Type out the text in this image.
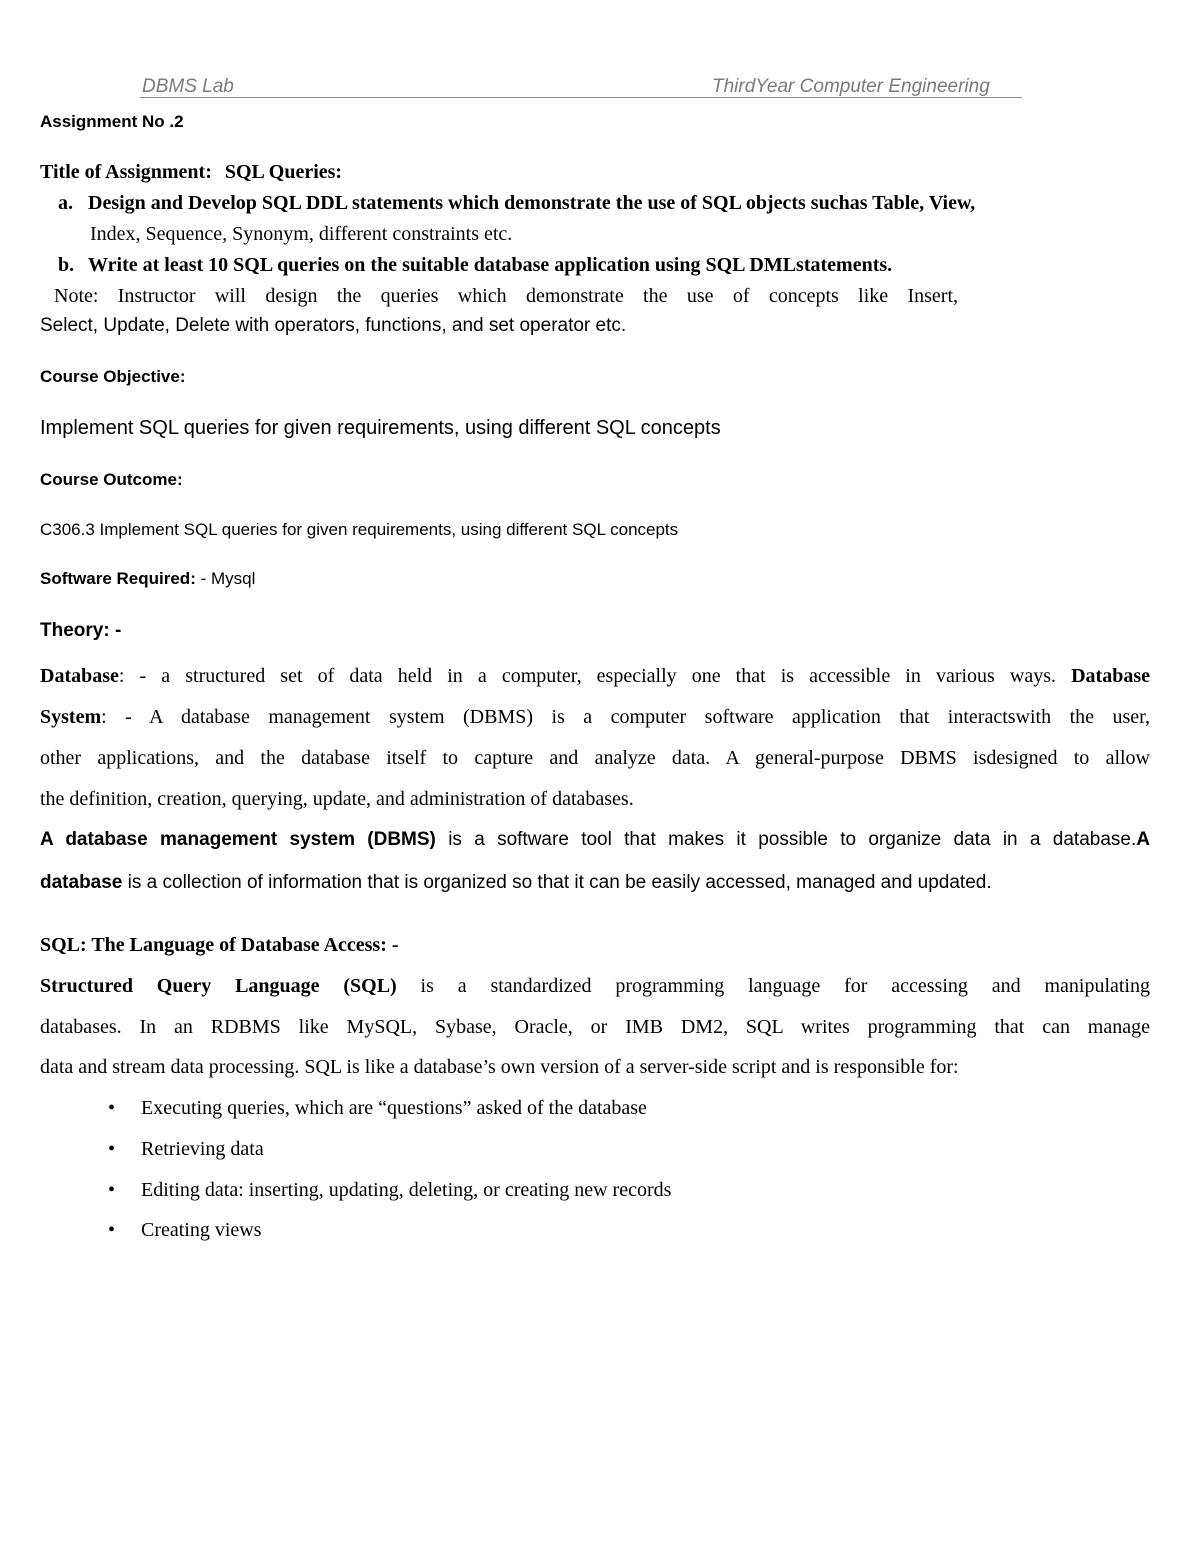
DBMS Lab	ThirdYear Computer Engineering
Assignment No .2
Title of Assignment: SQL Queries:
a. Design and Develop SQL DDL statements which demonstrate the use of SQL objects suchas Table, View,
Index, Sequence, Synonym, different constraints etc.
b. Write at least 10 SQL queries on the suitable database application using SQL DMLstatements.
Note: Instructor will design the queries which demonstrate the use of concepts like Insert,
Select, Update, Delete with operators, functions, and set operator etc.
Course Objective:
Implement SQL queries for given requirements, using different SQL concepts
Course Outcome:
C306.3 Implement SQL queries for given requirements, using different SQL concepts
Software Required: - Mysql
Theory: -
Database: - a structured set of data held in a computer, especially one that is accessible in various ways. Database
System: - A database management system (DBMS) is a computer software application that interactswith the user,
other applications, and the database itself to capture and analyze data. A general-purpose DBMS isdesigned to allow
the definition, creation, querying, update, and administration of databases.
A database management system (DBMS) is a software tool that makes it possible to organize data in a database.A
database is a collection of information that is organized so that it can be easily accessed, managed and updated.
SQL: The Language of Database Access: -
Structured Query Language (SQL) is a standardized programming language for accessing and manipulating
databases. In an RDBMS like MySQL, Sybase, Oracle, or IMB DM2, SQL writes programming that can manage
data and stream data processing. SQL is like a database’s own version of a server-side script and is responsible for:
• Executing queries, which are “questions” asked of the database
• Retrieving data
• Editing data: inserting, updating, deleting, or creating new records
• Creating views
